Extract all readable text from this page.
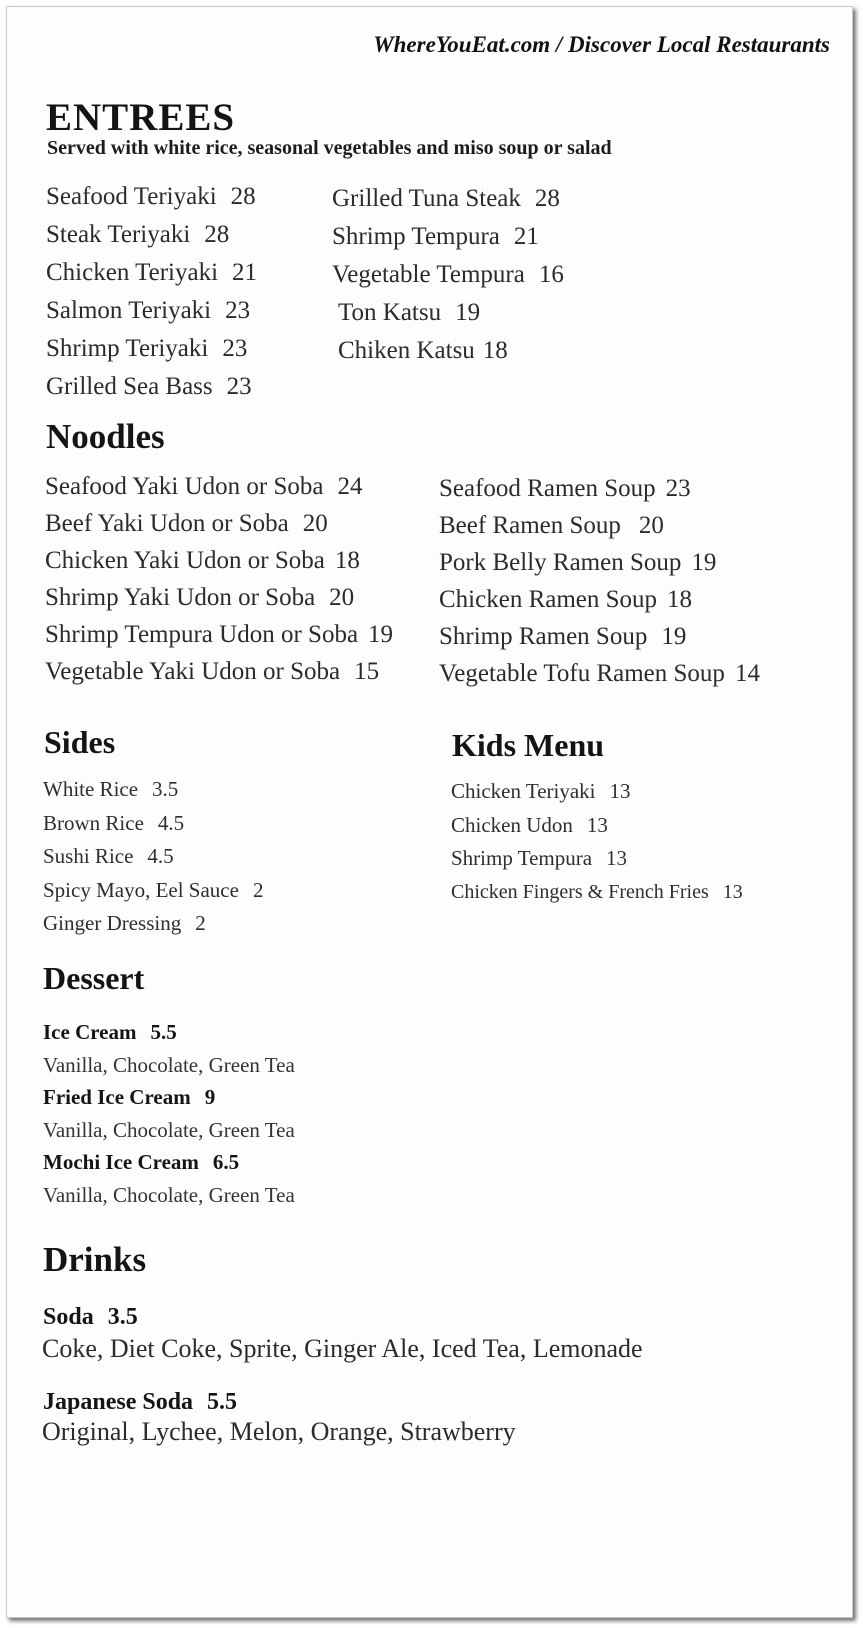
WhereYouEat.com / Discover Local Restaurants
ENTREES
Served with white rice, seasonal vegetables and miso soup or salad
Seafood Teriyaki 28
Steak Teriyaki 28
Chicken Teriyaki 21
Salmon Teriyaki 23
Shrimp Teriyaki 23
Grilled Sea Bass 23
Grilled Tuna Steak 28
Shrimp Tempura 21
Vegetable Tempura 16
Ton Katsu 19
Chiken Katsu 18
Noodles
Seafood Yaki Udon or Soba 24
Beef Yaki Udon or Soba 20
Chicken Yaki Udon or Soba 18
Shrimp Yaki Udon or Soba 20
Shrimp Tempura Udon or Soba 19
Vegetable Yaki Udon or Soba 15
Seafood Ramen Soup 23
Beef Ramen Soup 20
Pork Belly Ramen Soup 19
Chicken Ramen Soup 18
Shrimp Ramen Soup 19
Vegetable Tofu Ramen Soup 14
Sides
White Rice 3.5
Brown Rice 4.5
Sushi Rice 4.5
Spicy Mayo, Eel Sauce 2
Ginger Dressing 2
Kids Menu
Chicken Teriyaki 13
Chicken Udon 13
Shrimp Tempura 13
Chicken Fingers & French Fries 13
Dessert
Ice Cream 5.5
Vanilla, Chocolate, Green Tea
Fried Ice Cream 9
Vanilla, Chocolate, Green Tea
Mochi Ice Cream 6.5
Vanilla, Chocolate, Green Tea
Drinks
Soda 3.5
Coke, Diet Coke, Sprite, Ginger Ale, Iced Tea, Lemonade
Japanese Soda 5.5
Original, Lychee, Melon, Orange, Strawberry
